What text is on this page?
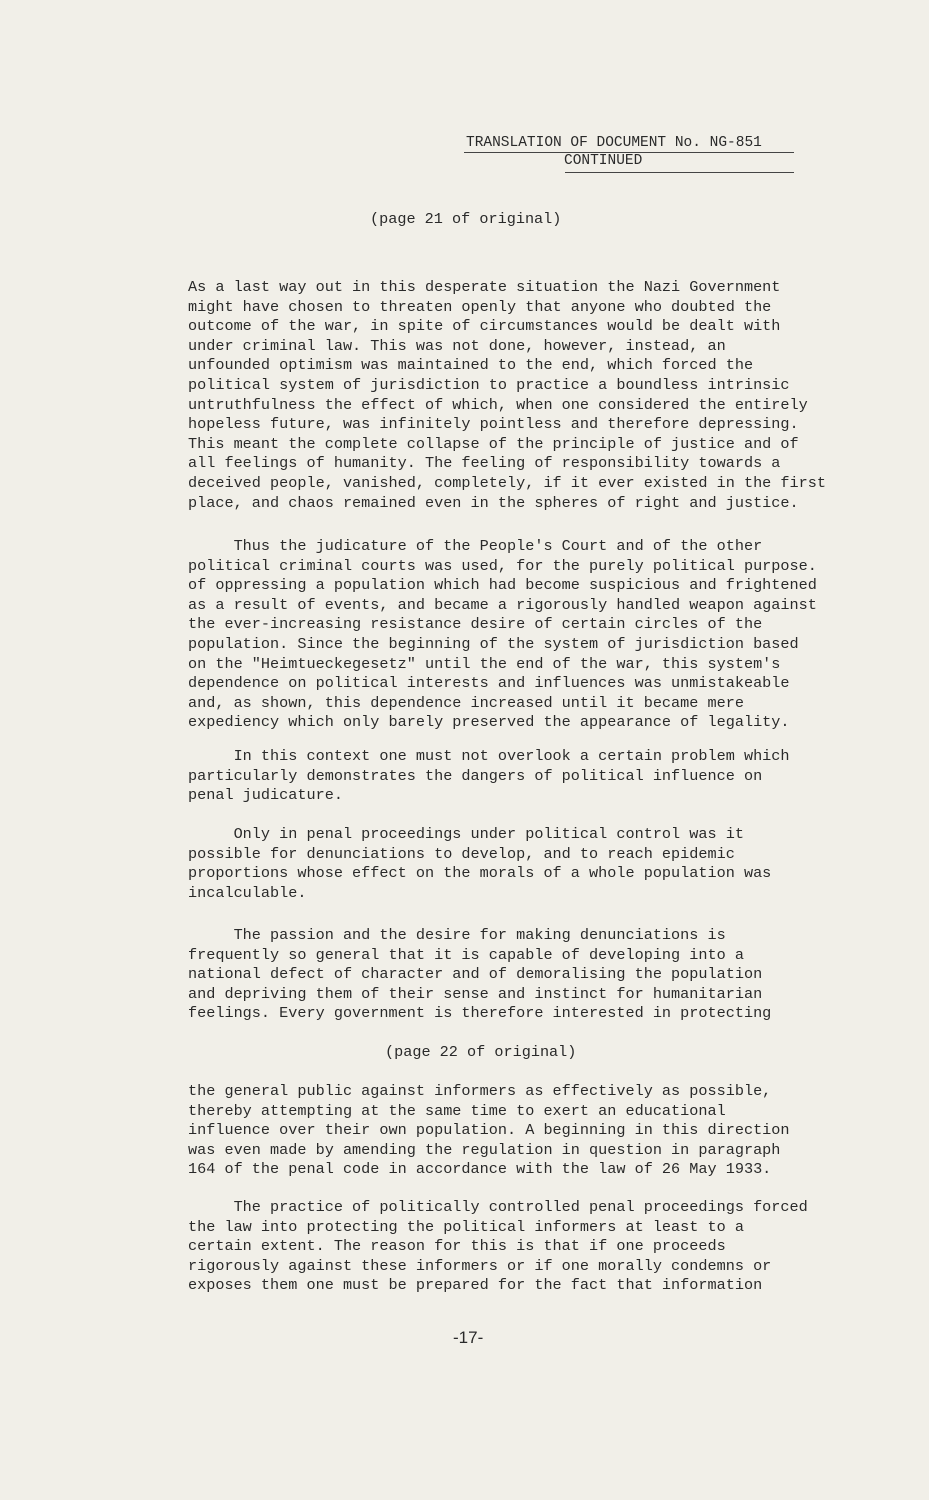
TRANSLATION OF DOCUMENT No. NG-851
CONTINUED
(page 21 of original)

As a last way out in this desperate situation the Nazi Government
might have chosen to threaten openly that anyone who doubted the
outcome of the war, in spite of circumstances would be dealt with
under criminal law. This was not done, however, instead, an
unfounded optimism was maintained to the end, which forced the
political system of jurisdiction to practice a boundless intrinsic
untruthfulness the effect of which, when one considered the entirely
hopeless future, was infinitely pointless and therefore depressing.
This meant the complete collapse of the principle of justice and of
all feelings of humanity. The feeling of responsibility towards a
deceived people, vanished, completely, if it ever existed in the first
place, and chaos remained even in the spheres of right and justice.

Thus the judicature of the People's Court and of the other
political criminal courts was used, for the purely political purpose.
of oppressing a population which had become suspicious and frightened
as a result of events, and became a rigorously handled weapon against
the ever-increasing resistance desire of certain circles of the
population. Since the beginning of the system of jurisdiction based
on the "Heimtueckegesetz" until the end of the war, this system's
dependence on political interests and influences was unmistakeable
and, as shown, this dependence increased until it became mere
expediency which only barely preserved the appearance of legality.

In this context one must not overlook a certain problem which
particularly demonstrates the dangers of political influence on
penal judicature.

Only in penal proceedings under political control was it
possible for denunciations to develop, and to reach epidemic
proportions whose effect on the morals of a whole population was
incalculable.

The passion and the desire for making denunciations is
frequently so general that it is capable of developing into a
national defect of character and of demoralising the population
and depriving them of their sense and instinct for humanitarian
feelings. Every government is therefore interested in protecting

(page 22 of original)

the general public against informers as effectively as possible,
thereby attempting at the same time to exert an educational
influence over their own population. A beginning in this direction
was even made by amending the regulation in question in paragraph
164 of the penal code in accordance with the law of 26 May 1933.

The practice of politically controlled penal proceedings forced
the law into protecting the political informers at least to a
certain extent. The reason for this is that if one proceeds
rigorously against these informers or if one morally condemns or
exposes them one must be prepared for the fact that information

-17-
